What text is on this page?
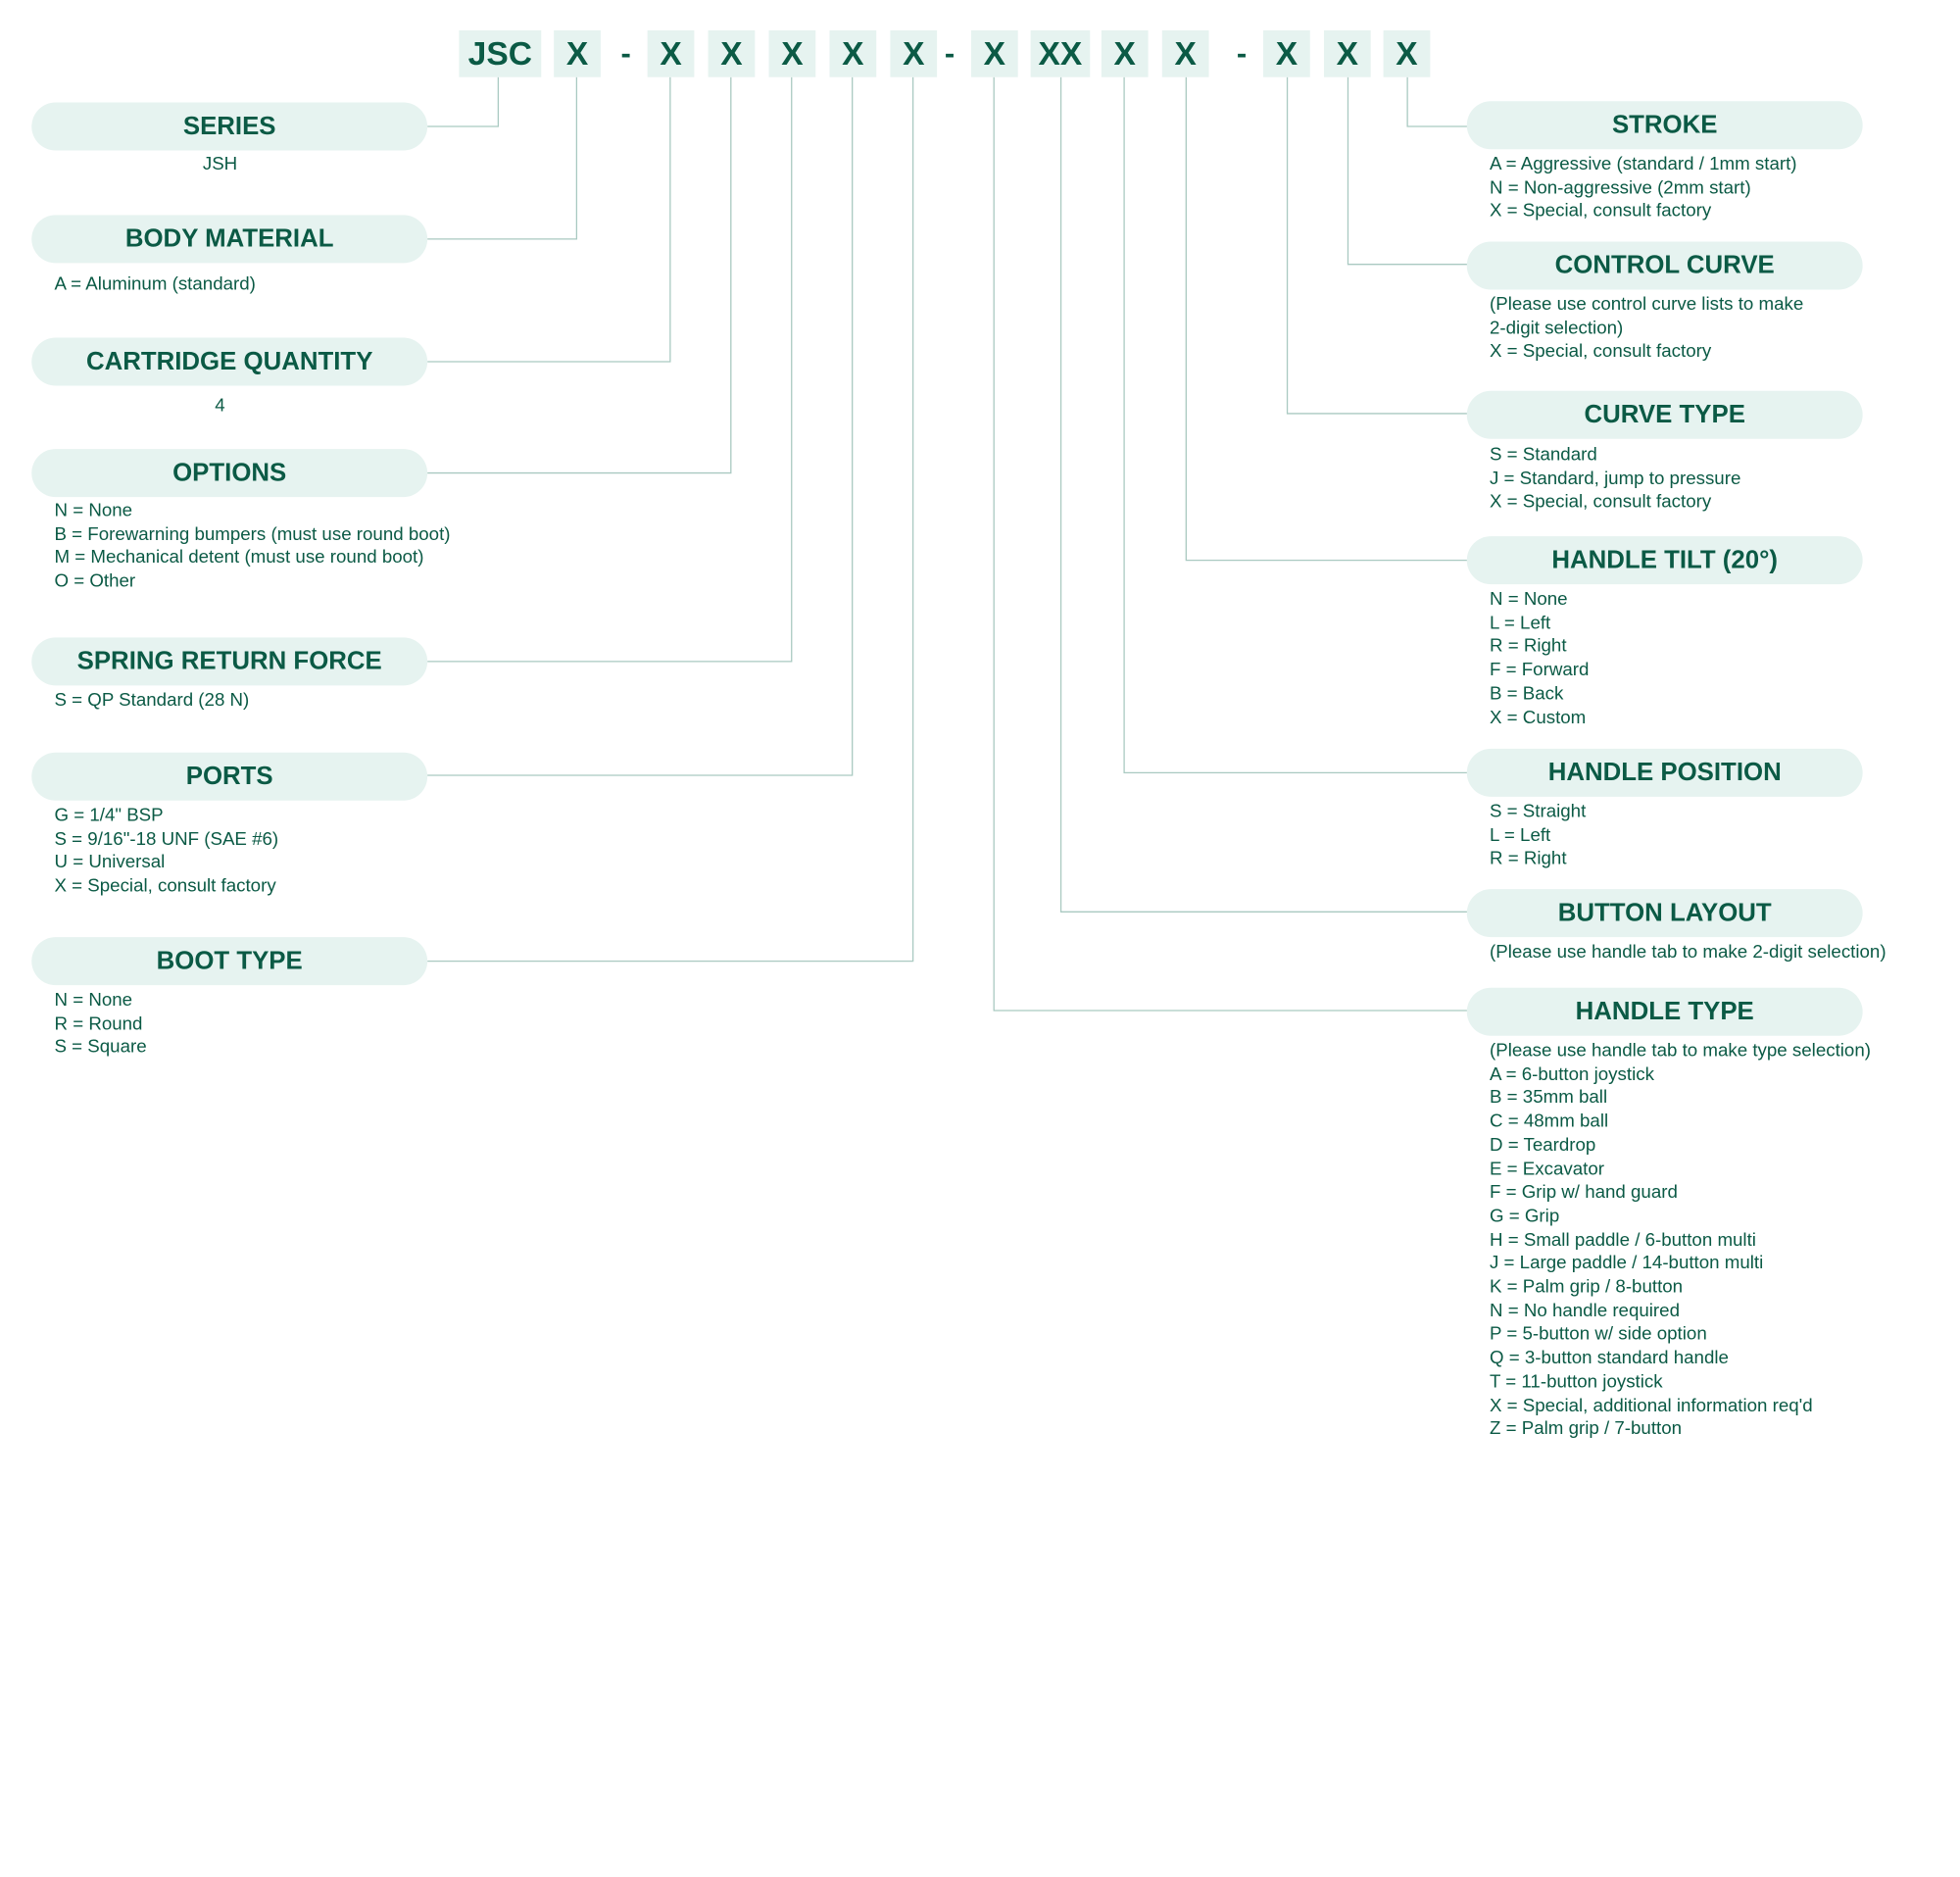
JSC	X	-	X	X	X	X	X -	X	XX	X	X	-	X	X	X
SERIES
JSH
BODY MATERIAL
A = Aluminum (standard)
CARTRIDGE QUANTITY
4
OPTIONS
N = None
B = Forewarning bumpers (must use round boot)
M = Mechanical detent (must use round boot)
O = Other
SPRING RETURN FORCE
S = QP Standard (28 N)
PORTS
G = 1/4" BSP
S = 9/16"-18 UNF (SAE #6)
U = Universal
X = Special, consult factory
BOOT TYPE
N = None
R = Round
S = Square
STROKE
A = Aggressive (standard / 1mm start)
N = Non-aggressive (2mm start)
X = Special, consult factory
CONTROL CURVE
(Please use control curve lists to make
2-digit selection)
X = Special, consult factory
CURVE TYPE
S = Standard
J = Standard, jump to pressure
X = Special, consult factory
HANDLE TILT (20°)
N = None
L = Left
R = Right
F = Forward
B = Back
X = Custom
HANDLE POSITION
S = Straight
L = Left
R = Right
BUTTON LAYOUT
(Please use handle tab to make 2-digit selection)
HANDLE TYPE
(Please use handle tab to make type selection)
A = 6-button joystick
B = 35mm ball
C = 48mm ball
D = Teardrop
E = Excavator
F = Grip w/ hand guard
G = Grip
H = Small paddle / 6-button multi
J = Large paddle / 14-button multi
K = Palm grip / 8-button
N = No handle required
P = 5-button w/ side option
Q = 3-button standard handle
T = 11-button joystick
X = Special, additional information req'd
Z = Palm grip / 7-button
